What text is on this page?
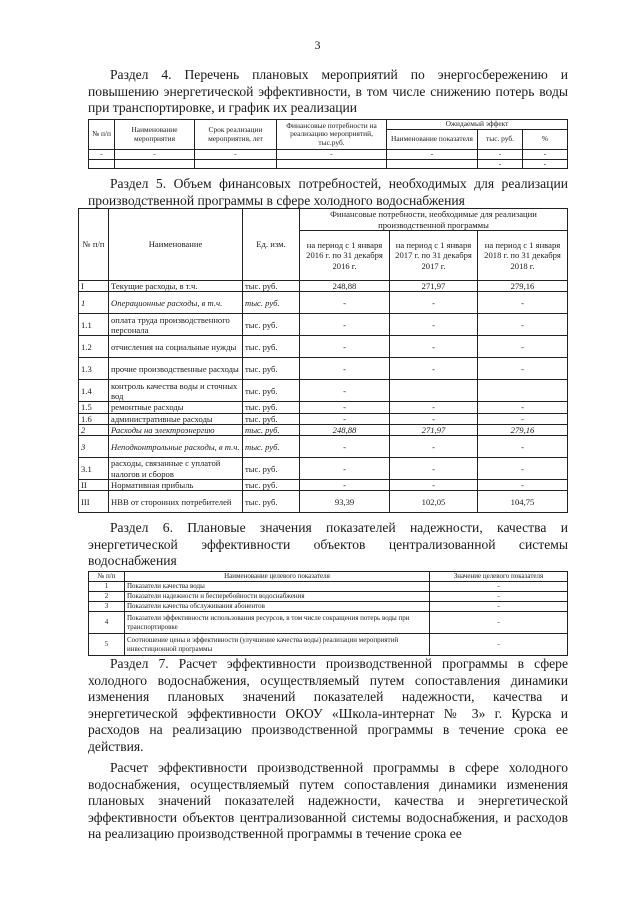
3
Раздел 4. Перечень плановых мероприятий по энергосбережению и повышению энергетической эффективности, в том числе снижению потерь воды при транспортировке, и график их реализации
№ п/п	Наименование мероприятия	Срок реализации мероприятия, лет	Финансовые потребности на реализацию мероприятий, тыс.руб.	Ожидаемый эффект		
				Наименование показателя	тыс. руб.	%
-	-	-	-	-	-	-
					-	-
Раздел 5. Объем финансовых потребностей, необходимых для реализации производственной программы в сфере холодного водоснабжения
№ п/п	Наименование	Ед. изм.	Финансовые потребности, необходимые для реализации производственной программы		
			на период с 1 января 2016 г. по 31 декабря 2016 г.	на период с 1 января 2017 г. по 31 декабря 2017 г.	на период с 1 января 2018 г. по 31 декабря 2018 г.
I	Текущие расходы, в т.ч.	тыс. руб.	248,88	271,97	279,16
1	Операционные расходы, в т.ч.	тыс. руб.	-	-	-
1.1	оплата труда производственного персонала	тыс. руб.	-	-	-
1.2	отчисления на социальные нужды	тыс. руб.	-	-	-
1.3	прочие производственные расходы	тыс. руб.	-	-	-
1.4	контроль качества воды и сточных вод	тыс. руб.	-		
1.5	ремонтные расходы	тыс. руб.	-	-	-
1.6	административные расходы	тыс. руб.	-	-	-
2	Расходы на электроэнергию	тыс. руб.	248,88	271,97	279,16
3	Неподконтрольные расходы, в т.ч.	тыс. руб.	-	-	-
3.1	расходы, связанные с уплатой налогов и сборов	тыс. руб.	-	-	-
II	Нормативная прибыль	тыс. руб.	-	-	-
III	НВВ от сторонних потребителей	тыс. руб.	93,39	102,05	104,75
Раздел 6. Плановые значения показателей надежности, качества и энергетической эффективности объектов централизованной системы водоснабжения
№ п/п	Наименование целевого показателя	Значение целевого показателя
1	Показатели качества воды	-
2	Показатели надежности и бесперебойности водоснабжения	-
3	Показатели качества обслуживания абонентов	-
4	Показатели эффективности использования ресурсов, в том числе сокращения потерь воды при транспортировке	-
5	Соотношение цены и эффективности (улучшение качества воды) реализации мероприятий инвестиционной программы	-
Раздел 7. Расчет эффективности производственной программы в сфере холодного водоснабжения, осуществляемый путем сопоставления динамики изменения плановых значений показателей надежности, качества и энергетической эффективности ОКОУ «Школа-интернат № 3» г. Курска и расходов на реализацию производственной программы в течение срока ее действия.
Расчет эффективности производственной программы в сфере холодного водоснабжения, осуществляемый путем сопоставления динамики изменения плановых значений показателей надежности, качества и энергетической эффективности объектов централизованной системы водоснабжения, и расходов на реализацию производственной программы в течение срока ее
